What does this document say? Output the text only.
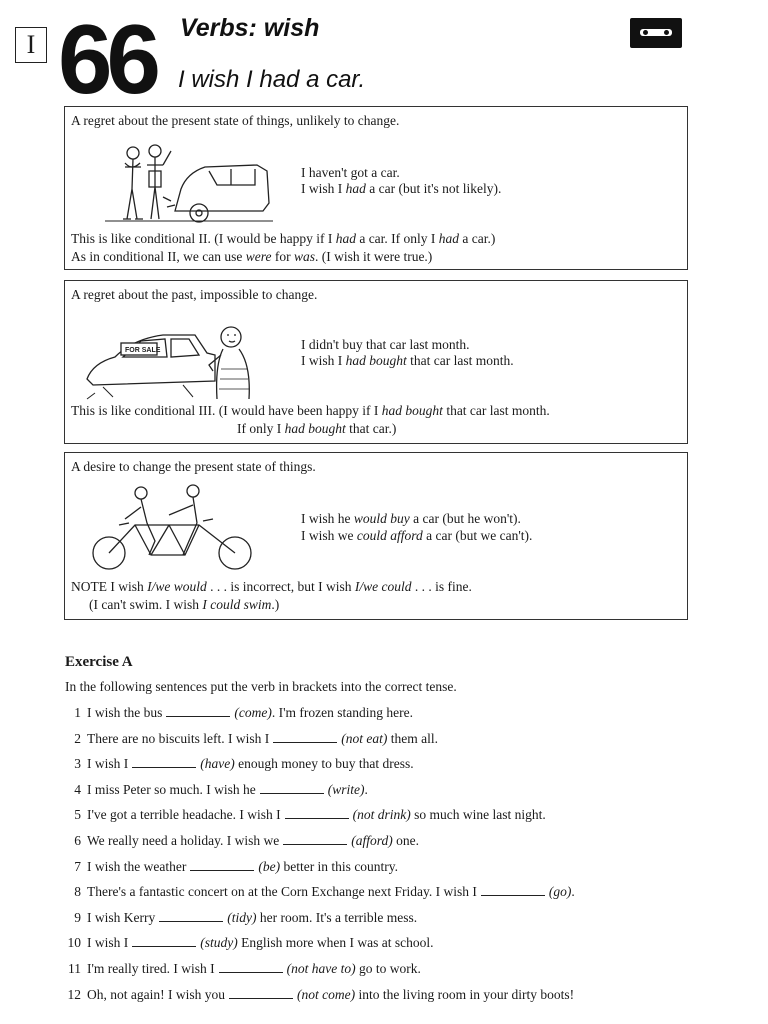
I 66 Verbs: wish
I wish I had a car.
A regret about the present state of things, unlikely to change.
I haven't got a car.
I wish I had a car (but it's not likely).
This is like conditional II. (I would be happy if I had a car. If only I had a car.)
As in conditional II, we can use were for was. (I wish it were true.)
A regret about the past, impossible to change.
FOR SALE	I didn't buy that car last month.
I wish I had bought that car last month.
This is like conditional III. (I would have been happy if I had bought that car last month.
If only I had bought that car.)
A desire to change the present state of things.
I wish he would buy a car (but he won't).
I wish we could afford a car (but we can't).
NOTE I wish I/we would . . . is incorrect, but I wish I/we could . . . is fine.
(I can't swim. I wish I could swim.)
Exercise A
In the following sentences put the verb in brackets into the correct tense.
1 I wish the bus	(come). I'm frozen standing here.
2 There are no biscuits left. I wish I	(not eat) them all.
3 I wish I	(have) enough money to buy that dress.
4 I miss Peter so much. I wish he	(write).
5 I've got a terrible headache. I wish I	(not drink) so much wine last night.
6 We really need a holiday. I wish we	(afford) one.
7 I wish the weather	(be) better in this country.
8 There's a fantastic concert on at the Corn Exchange next Friday. I wish I	(go).
9 I wish Kerry	(tidy) her room. It's a terrible mess.
10 I wish I	(study) English more when I was at school.
11 I'm really tired. I wish I	(not have to) go to work.
12 Oh, not again! I wish you	(not come) into the living room in your dirty boots!
